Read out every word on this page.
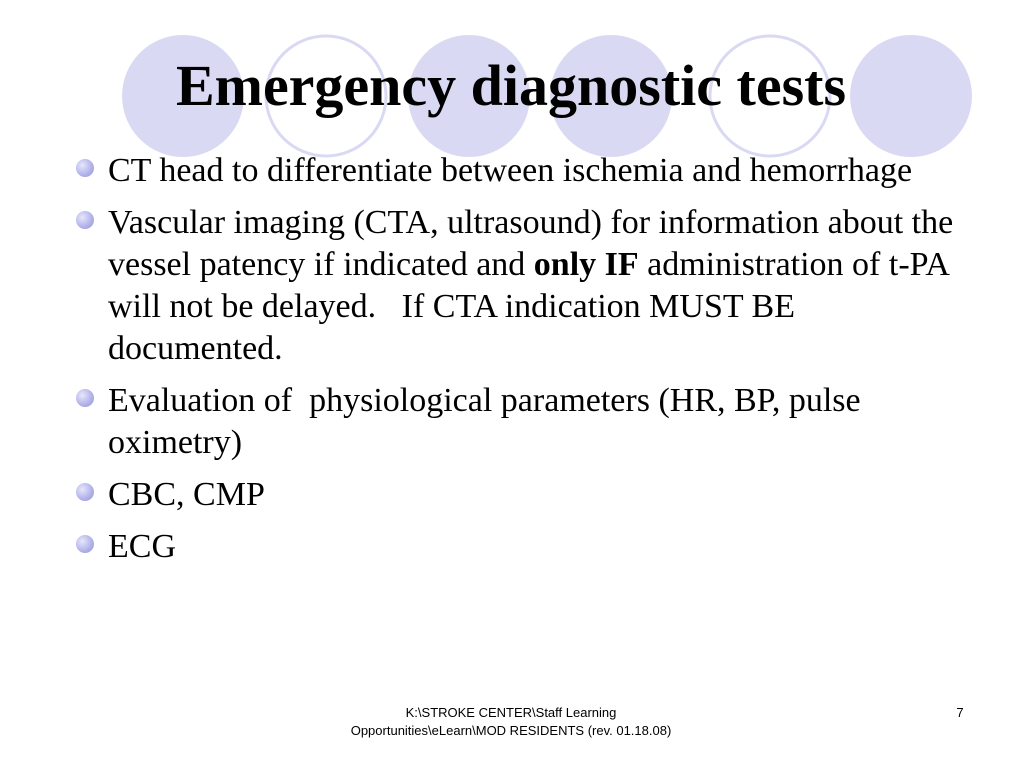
Emergency diagnostic tests
CT head to differentiate between ischemia and hemorrhage
Vascular imaging (CTA, ultrasound) for information about the vessel patency if indicated and only IF administration of t-PA will not be delayed.   If CTA indication MUST BE documented.
Evaluation of  physiological parameters (HR, BP, pulse oximetry)
CBC, CMP
ECG
K:\STROKE CENTER\Staff Learning Opportunities\eLearn\MOD RESIDENTS (rev. 01.18.08)
7
